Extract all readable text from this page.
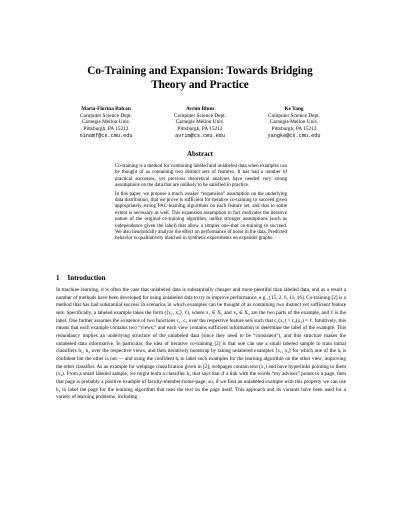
Co-Training and Expansion: Towards Bridging
Theory and Practice
Maria-Florina Balcan
Computer Science Dept.
Carnegie Mellon Univ.
Pittsburgh, PA 15213
ninamf@cs.cmu.edu
Avrim Blum
Computer Science Dept.
Carnegie Mellon Univ.
Pittsburgh, PA 15213
avrim@cs.cmu.edu
Ke Yang
Computer Science Dept.
Carnegie Mellon Univ.
Pittsburgh, PA 15213
yangke@cs.cmu.edu
Abstract

Co-training is a method for combining labeled and unlabeled data when examples can be thought of as containing two distinct sets of features. It has had a number of practical successes, yet previous theoretical analyses have needed very strong assumptions on the data that are unlikely to be satisfied in practice.

In this paper, we propose a much weaker “expansion” assumption on the underlying data distribution, that we prove is sufficient for iterative co-training to succeed given appropriately strong PAC-learning algorithms on each feature set, and that to some extent is necessary as well. This expansion assumption in fact motivates the iterative nature of the original co-training algorithm, unlike stronger assumptions (such as independence given the label) that allow a simpler one-shot co-training to succeed. We also heuristically analyze the effect on performance of noise in the data. Predicted behavior is qualitatively matched in synthetic experiments on expander graphs.

1 Introduction

In machine learning, it is often the case that unlabeled data is substantially cheaper and more plentiful than labeled data, and as a result a number of methods have been developed for using unlabeled data to try to improve performance, e.g., [15, 2, 6, 11, 16]. Co-training [2] is a method that has had substantial success in scenarios in which examples can be thought of as containing two distinct yet sufficient feature sets. Specifically, a labeled example takes the form (⟨x₁, x₂⟩, ℓ), where x₁ ∈ X₁ and x₂ ∈ X₂ are the two parts of the example, and ℓ is the label. One further assumes the existence of two functions c₁, c₂ over the respective feature sets such that c₁(x₁) = c₂(x₂) = ℓ. Intuitively, this means that each example contains two “views,” and each view contains sufficient information to determine the label of the example. This redundancy implies an underlying structure of the unlabeled data (since they need to be “consistent”), and this structure makes the unlabeled data informative. In particular, the idea of iterative co-training [2] is that one can use a small labeled sample to train initial classifiers h₁, h₂ over the respective views, and then iteratively bootstrap by taking unlabeled examples ⟨x₁, x₂⟩ for which one of the hᵢ is confident but the other is not — and using the confident hᵢ to label such examples for the learning algorithm on the other view, improving the other classifier. As an example for webpage classification given in [2], webpages contain text (x₁) and have hyperlinks pointing to them (x₂). From a small labeled sample, we might learn a classifier h₂ that says that if a link with the words “my advisor” points to a page, then that page is probably a positive example of faculty-member-home-page; so, if we find an unlabeled example with this property we can use h₂ to label the page for the learning algorithm that uses the text on the page itself. This approach and its variants have been used for a variety of learning problems, including
